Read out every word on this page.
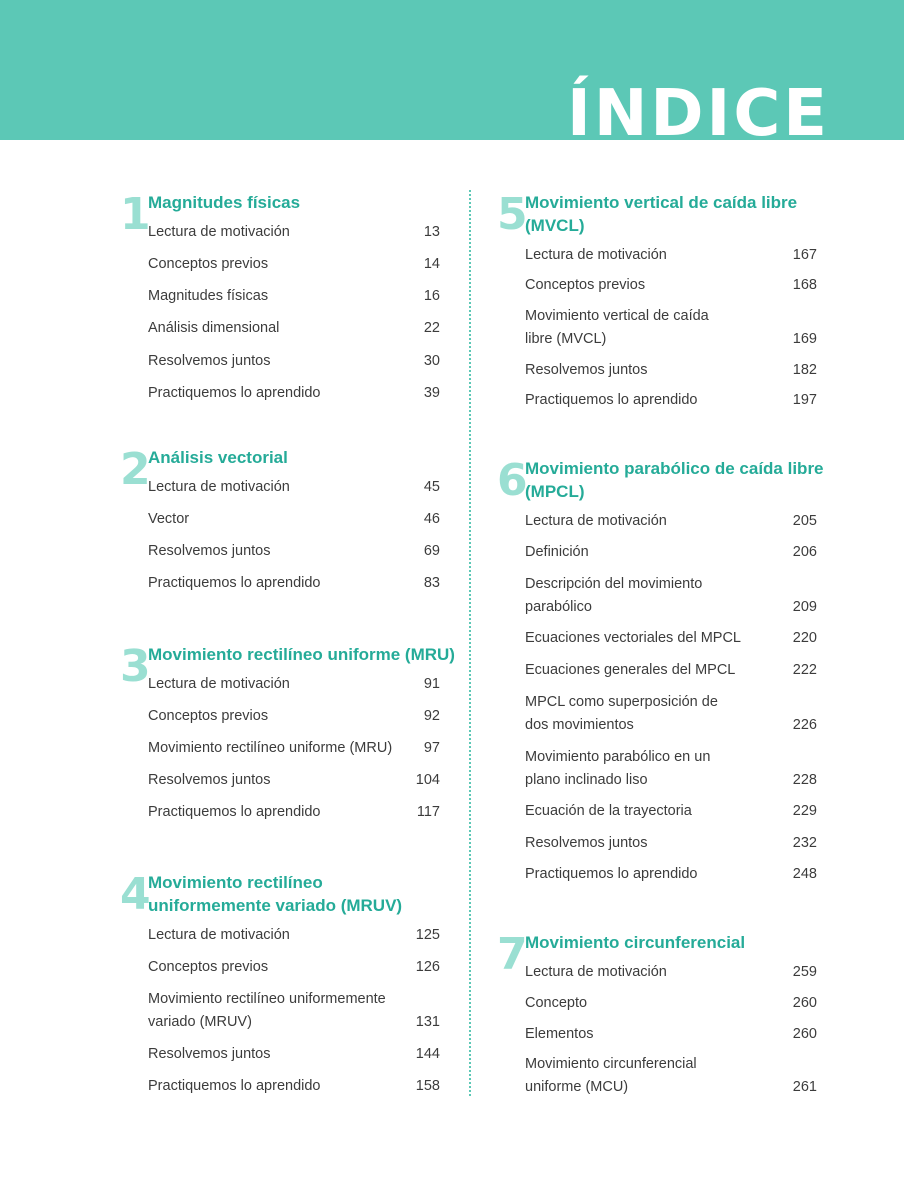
ÍNDICE
1
Magnitudes físicas
Lectura de motivación	13
Conceptos previos	14
Magnitudes físicas	16
Análisis dimensional	22
Resolvemos juntos	30
Practiquemos lo aprendido	39
2
Análisis vectorial
Lectura de motivación	45
Vector	46
Resolvemos juntos	69
Practiquemos lo aprendido	83
3
Movimiento rectilíneo uniforme (MRU)
Lectura de motivación	91
Conceptos previos	92
Movimiento rectilíneo uniforme (MRU) 97
Resolvemos juntos	104
Practiquemos lo aprendido	117
4
Movimiento rectilíneo
uniformemente variado (MRUV)
Lectura de motivación	125
Conceptos previos	126
Movimiento rectilíneo uniformemente
variado (MRUV)	131
Resolvemos juntos	144
Practiquemos lo aprendido	158
5
Movimiento vertical de caída libre
(MVCL)
Lectura de motivación	167
Conceptos previos	168
Movimiento vertical de caída
libre (MVCL)	169
Resolvemos juntos	182
Practiquemos lo aprendido	197
6
Movimiento parabólico de caída libre
(MPCL)
Lectura de motivación	205
Definición	206
Descripción del movimiento
parabólico	209
Ecuaciones vectoriales del MPCL	220
Ecuaciones generales del MPCL	222
MPCL como superposición de
dos movimientos	226
Movimiento parabólico en un
plano inclinado liso	228
Ecuación de la trayectoria	229
Resolvemos juntos	232
Practiquemos lo aprendido	248
7
Movimiento circunferencial
Lectura de motivación	259
Concepto	260
Elementos	260
Movimiento circunferencial
uniforme (MCU)	261
